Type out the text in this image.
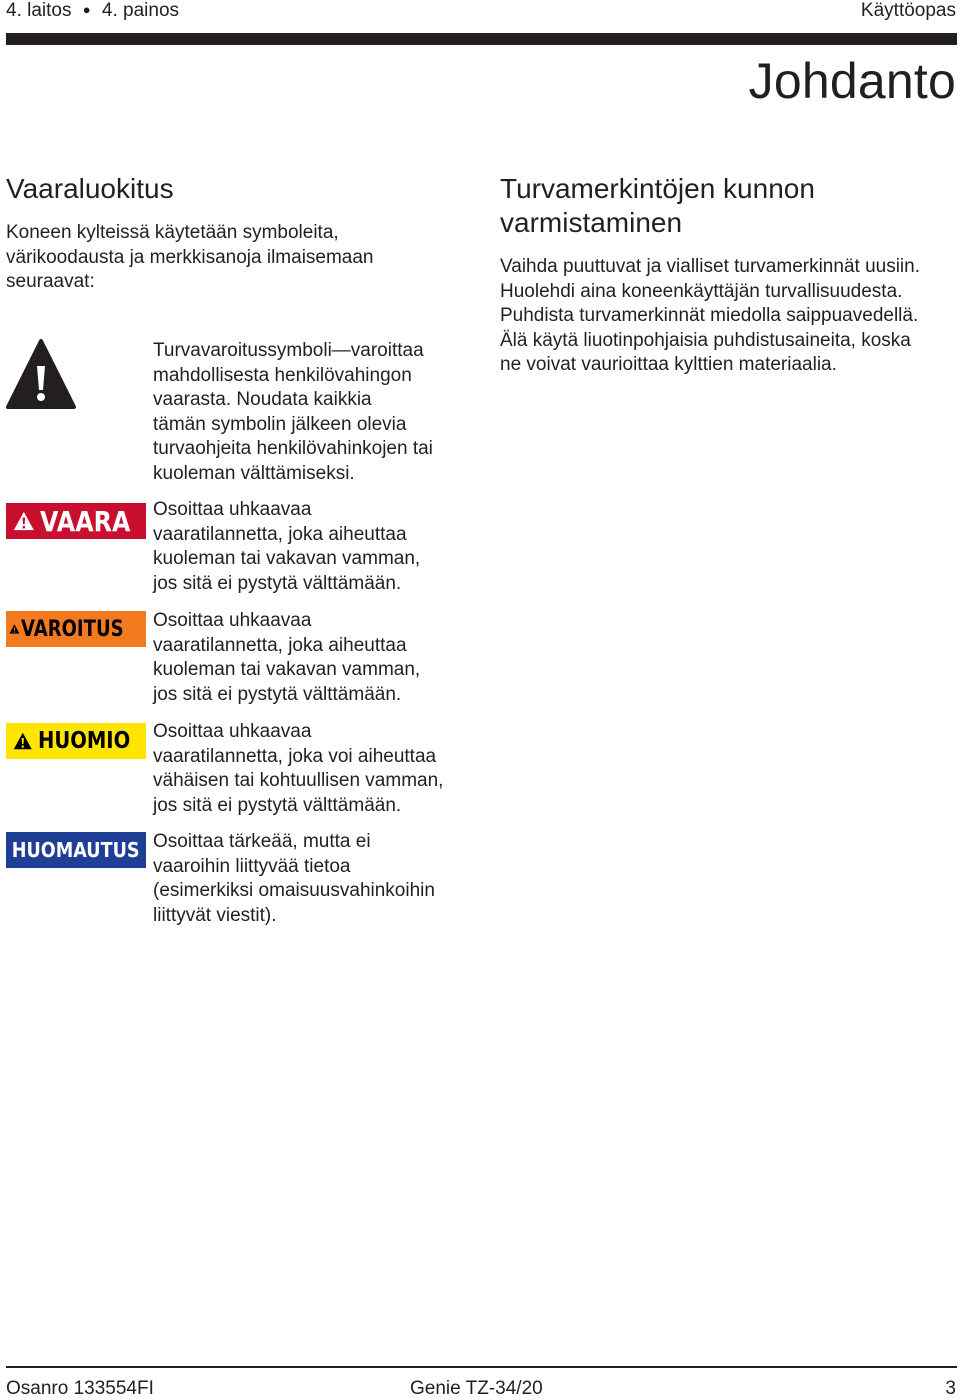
4. laitos ● 4. painos	Käyttöopas
Johdanto
Vaaraluokitus
Koneen kylteissä käytetään symboleita, värikoodausta ja merkkisanoja ilmaisemaan seuraavat:
Turvavaroitussymboli—varoittaa
mahdollisesta henkilövahingon
vaarasta. Noudata kaikkia
tämän symbolin jälkeen olevia
turvaohjeita henkilövahinkojen tai
kuoleman välttämiseksi.
VAARA Osoittaa uhkaavaa
vaaratilannetta, joka aiheuttaa
kuoleman tai vakavan vamman,
jos sitä ei pystytä välttämään.
VAROITUS Osoittaa uhkaavaa
vaaratilannetta, joka aiheuttaa
kuoleman tai vakavan vamman,
jos sitä ei pystytä välttämään.
HUOMIO Osoittaa uhkaavaa
vaaratilannetta, joka voi aiheuttaa
vähäisen tai kohtuullisen vamman,
jos sitä ei pystytä välttämään.
HUOMAUTUS Osoittaa tärkeää, mutta ei
vaaroihin liittyvää tietoa
(esimerkiksi omaisuusvahinkoihin
liittyvät viestit).
Turvamerkintöjen kunnon
varmistaminen
Vaihda puuttuvat ja vialliset turvamerkinnät uusiin.
Huolehdi aina koneenkäyttäjän turvallisuudesta.
Puhdista turvamerkinnät miedolla saippuavedellä.
Älä käytä liuotinpohjaisia puhdistusaineita, koska
ne voivat vaurioittaa kylttien materiaalia.
Osanro 133554FI	Genie TZ-34/20	3
